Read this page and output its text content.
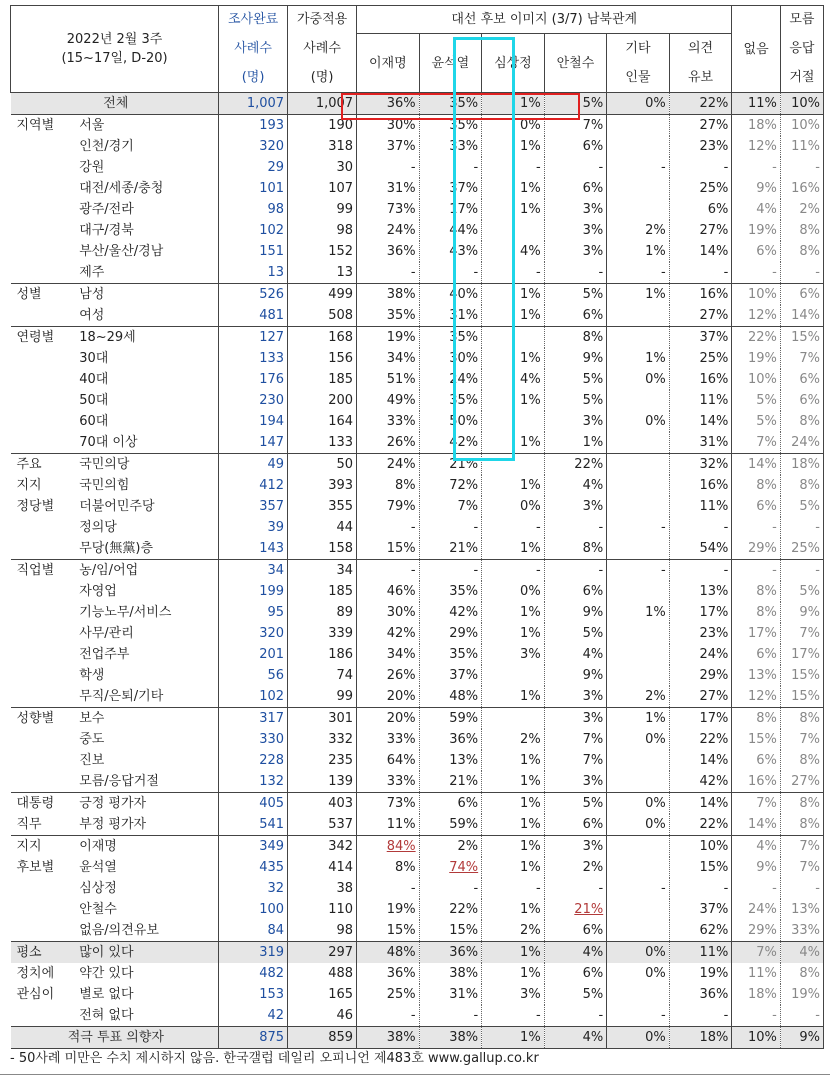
2022년 2월 3주
(15~17일, D-20)		조사완료	가중적용	대선 후보 이미지 (3/7) 남북관계						없음	모름
		사례수	사례수	이재명	윤석열	심상정	안철수	기타	의견		응답
		(명)	(명)					인물	유보		거절
전체		1,007	1,007	36%	35%	1%	5%	0%	22%	11%	10%
지역별	서울	193	190	30%	35%	0%	7%		27%	18%	10%
	인천/경기	320	318	37%	33%	1%	6%		23%	12%	11%
	강원	29	30	-	-	-	-	-	-	-	-
	대전/세종/충청	101	107	31%	37%	1%	6%		25%	9%	16%
	광주/전라	98	99	73%	17%	1%	3%		6%	4%	2%
	대구/경북	102	98	24%	44%		3%	2%	27%	19%	8%
	부산/울산/경남	151	152	36%	43%	4%	3%	1%	14%	6%	8%
	제주	13	13	-	-	-	-	-	-	-	-
성별	남성	526	499	38%	40%	1%	5%	1%	16%	10%	6%
	여성	481	508	35%	31%	1%	6%		27%	12%	14%
연령별	18~29세	127	168	19%	35%		8%		37%	22%	15%
	30대	133	156	34%	30%	1%	9%	1%	25%	19%	7%
	40대	176	185	51%	24%	4%	5%	0%	16%	10%	6%
	50대	230	200	49%	35%	1%	5%		11%	5%	6%
	60대	194	164	33%	50%		3%	0%	14%	5%	8%
	70대 이상	147	133	26%	42%	1%	1%		31%	7%	24%
주요	국민의당	49	50	24%	21%		22%		32%	14%	18%
지지	국민의힘	412	393	8%	72%	1%	4%		16%	8%	8%
정당별	더불어민주당	357	355	79%	7%	0%	3%		11%	6%	5%
	정의당	39	44	-	-	-	-	-	-	-	-
	무당(無黨)층	143	158	15%	21%	1%	8%		54%	29%	25%
직업별	농/임/어업	34	34	-	-	-	-	-	-	-	-
	자영업	199	185	46%	35%	0%	6%		13%	8%	5%
	기능노무/서비스	95	89	30%	42%	1%	9%	1%	17%	8%	9%
	사무/관리	320	339	42%	29%	1%	5%		23%	17%	7%
	전업주부	201	186	34%	35%	3%	4%		24%	6%	17%
	학생	56	74	26%	37%		9%		29%	13%	15%
	무직/은퇴/기타	102	99	20%	48%	1%	3%	2%	27%	12%	15%
성향별	보수	317	301	20%	59%		3%	1%	17%	8%	8%
	중도	330	332	33%	36%	2%	7%	0%	22%	15%	7%
	진보	228	235	64%	13%	1%	7%		14%	6%	8%
	모름/응답거절	132	139	33%	21%	1%	3%		42%	16%	27%
대통령	긍정 평가자	405	403	73%	6%	1%	5%	0%	14%	7%	8%
직무	부정 평가자	541	537	11%	59%	1%	6%	0%	22%	14%	8%
지지	이재명	349	342	84%	2%	1%	3%		10%	4%	7%
후보별	윤석열	435	414	8%	74%	1%	2%		15%	9%	7%
	심상정	32	38	-	-	-	-	-	-	-	-
	안철수	100	110	19%	22%	1%	21%		37%	24%	13%
	없음/의견유보	84	98	15%	15%	2%	6%		62%	29%	33%
평소	많이 있다	319	297	48%	36%	1%	4%	0%	11%	7%	4%
정치에	약간 있다	482	488	36%	38%	1%	6%	0%	19%	11%	8%
관심이	별로 없다	153	165	25%	31%	3%	5%		36%	18%	19%
	전혀 없다	42	46	-	-	-	-	-	-	-	-
적극 투표 의향자		875	859	38%	38%	1%	4%	0%	18%	10%	9%
- 50사례 미만은 수치 제시하지 않음. 한국갤럽 데일리 오피니언 제483호 www.gallup.co.kr
